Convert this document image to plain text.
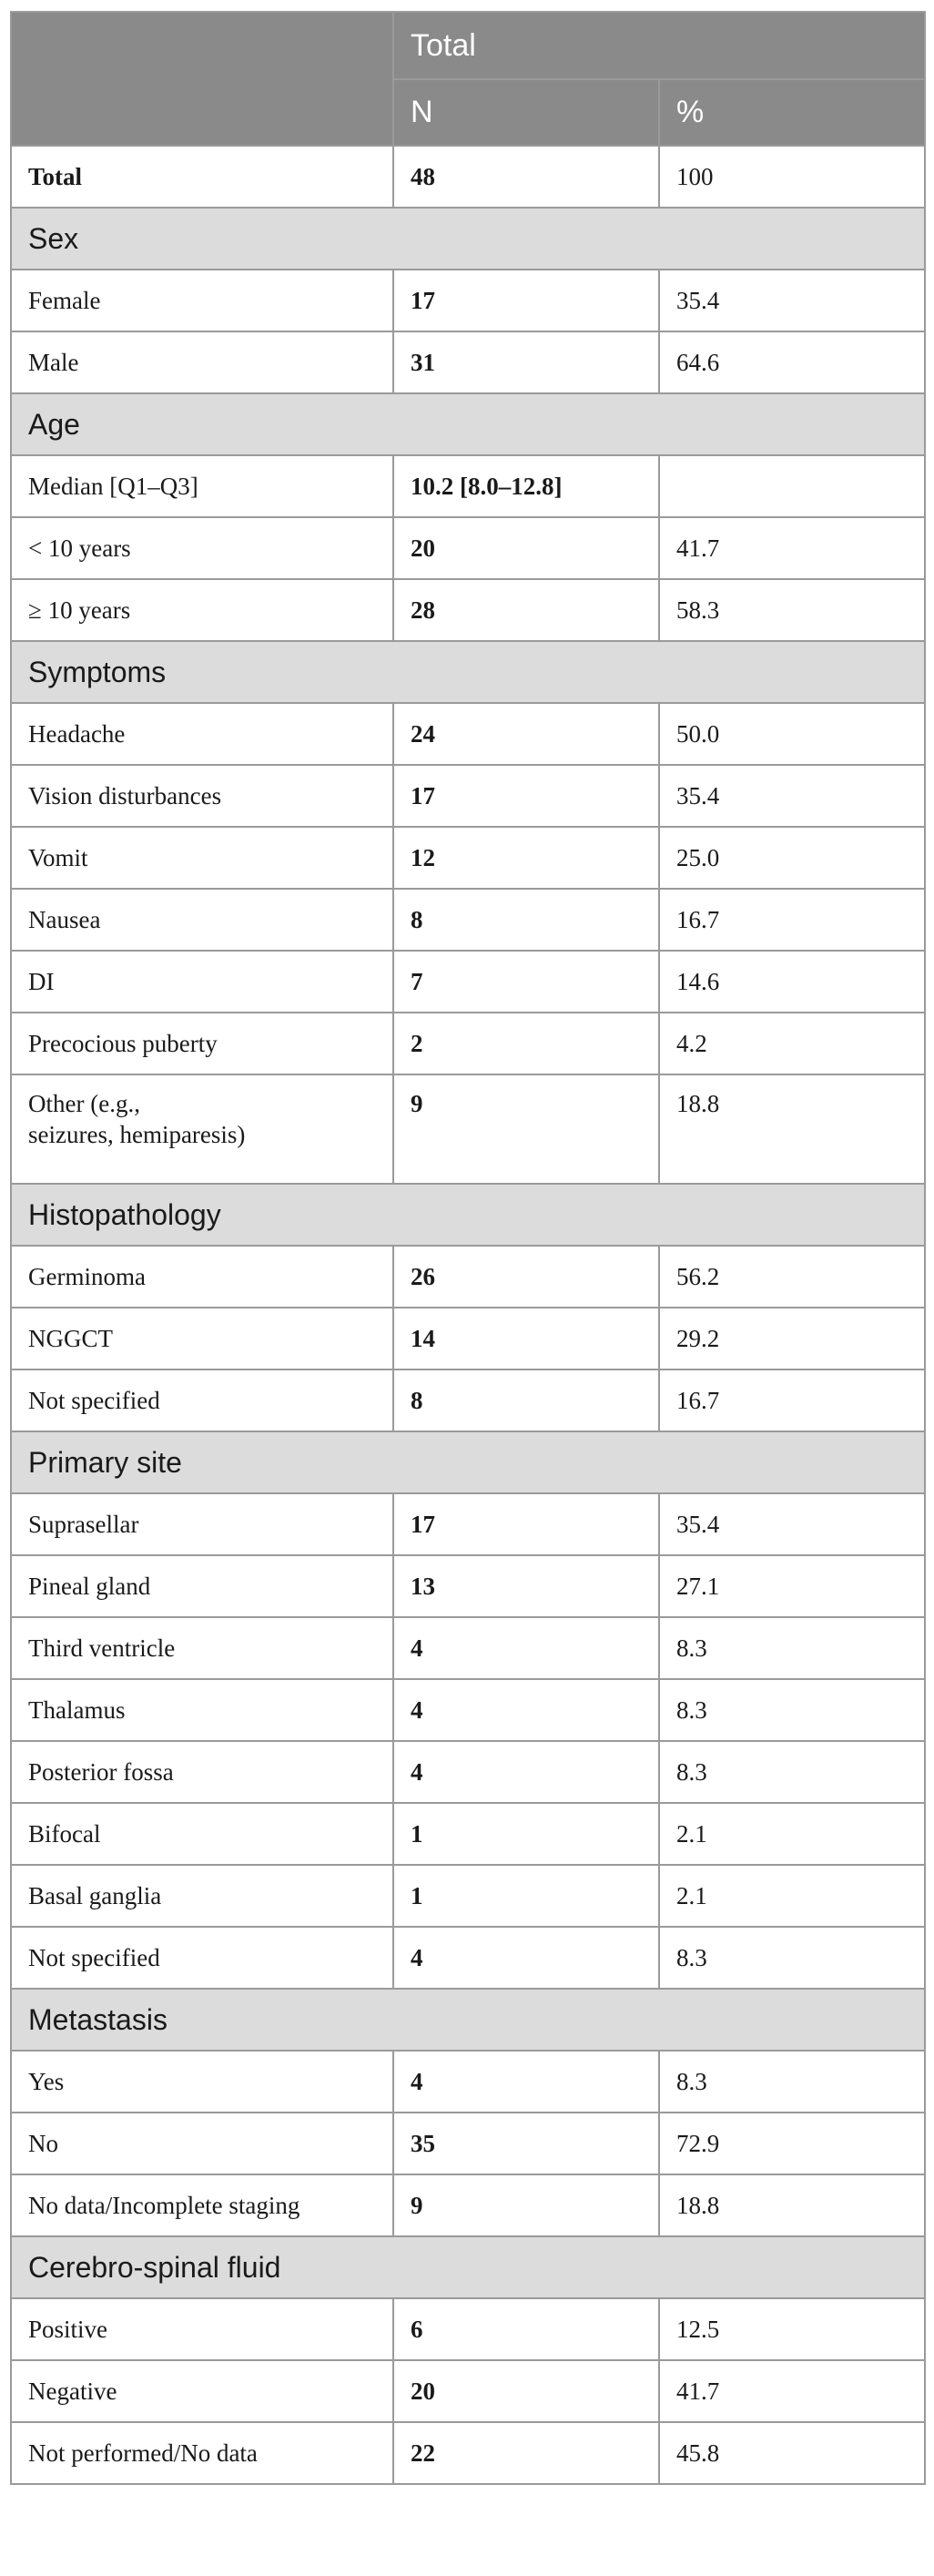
	Total	
	N	%
Total	48	100
Sex		
Female	17	35.4
Male	31	64.6
Age		
Median [Q1–Q3]	10.2 [8.0–12.8]	
< 10 years	20	41.7
≥ 10 years	28	58.3
Symptoms		
Headache	24	50.0
Vision disturbances	17	35.4
Vomit	12	25.0
Nausea	8	16.7
DI	7	14.6
Precocious puberty	2	4.2
Other (e.g.,
seizures, hemiparesis)	9	18.8
Histopathology		
Germinoma	26	56.2
NGGCT	14	29.2
Not specified	8	16.7
Primary site		
Suprasellar	17	35.4
Pineal gland	13	27.1
Third ventricle	4	8.3
Thalamus	4	8.3
Posterior fossa	4	8.3
Bifocal	1	2.1
Basal ganglia	1	2.1
Not specified	4	8.3
Metastasis		
Yes	4	8.3
No	35	72.9
No data/Incomplete staging	9	18.8
Cerebro-spinal fluid		
Positive	6	12.5
Negative	20	41.7
Not performed/No data	22	45.8
